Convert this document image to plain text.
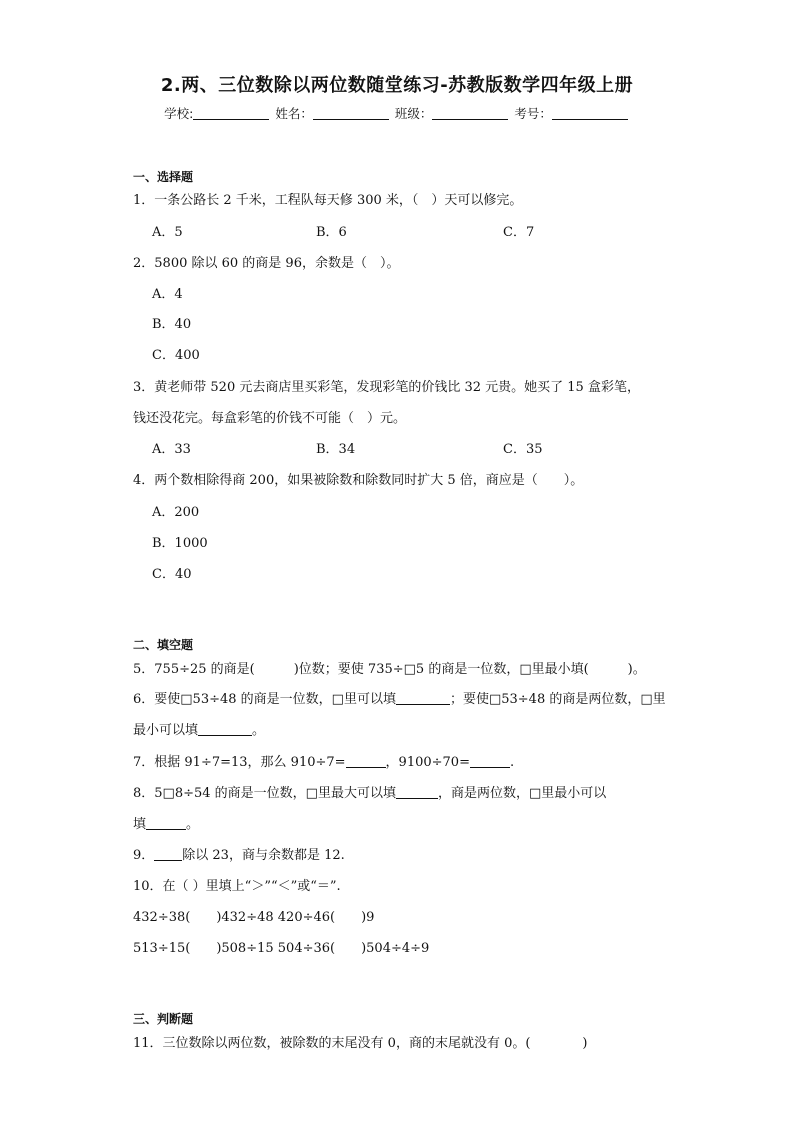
2.两、三位数除以两位数随堂练习-苏教版数学四年级上册
学校:	姓名：	班级：	考号：
一、选择题
1．一条公路长 2 千米，工程队每天修 300 米，（　）天可以修完。
A．5	B．6	C．7
2．5800 除以 60 的商是 96，余数是（　）。
A．4
B．40
C．400
3．黄老师带 520 元去商店里买彩笔，发现彩笔的价钱比 32 元贵。她买了 15 盒彩笔，
钱还没花完。每盒彩笔的价钱不可能（　）元。
A．33	B．34	C．35
4．两个数相除得商 200，如果被除数和除数同时扩大 5 倍，商应是（　　）。
A．200
B．1000
C．40
二、填空题
5．755÷25 的商是(　　　)位数；要使 735÷□5 的商是一位数，□里最小填(　　　)。
6．要使□53÷48 的商是一位数，□里可以填	；要使□53÷48 的商是两位数，□里
最小可以填	。
7．根据 91÷7=13，那么 910÷7=	，9100÷70=	.
8．5□8÷54 的商是一位数，□里最大可以填	，商是两位数，□里最小可以
填	。
9． 除以 23，商与余数都是 12.
10．在（ ）里填上“＞”“＜”或“＝”.
432÷38(　　)432÷48 420÷46(　　)9
513÷15(　　)508÷15 504÷36(　　)504÷4÷9
三、判断题
11．三位数除以两位数，被除数的末尾没有 0，商的末尾就没有 0。(　　　　)
